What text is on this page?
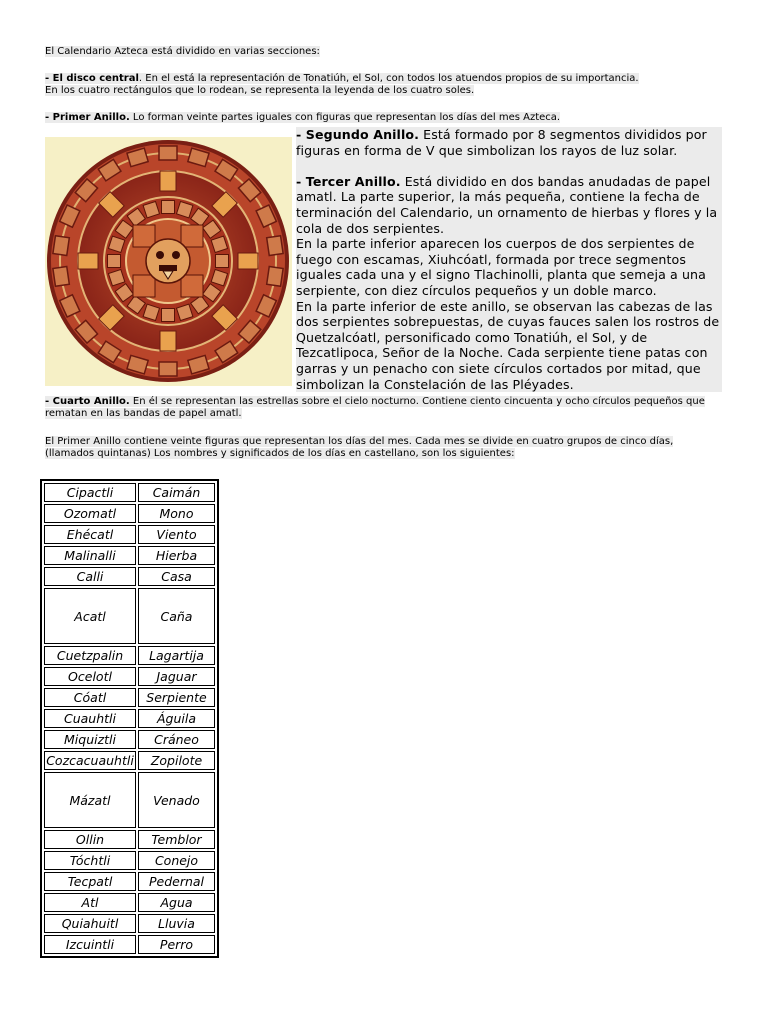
El Calendario Azteca está dividido en varias secciones:
- El disco central. En el está la representación de Tonatiúh, el Sol, con todos los atuendos propios de su importancia.
En los cuatro rectángulos que lo rodean, se representa la leyenda de los cuatro soles.
- Primer Anillo. Lo forman veinte partes iguales con figuras que representan los días del mes Azteca.

- Segundo Anillo. Está formado por 8 segmentos divididos por figuras en forma de V que simbolizan los rayos de luz solar.

- Tercer Anillo. Está dividido en dos bandas anudadas de papel amatl. La parte superior, la más pequeña, contiene la fecha de terminación del Calendario, un ornamento de hierbas y flores y la cola de dos serpientes.

En la parte inferior aparecen los cuerpos de dos serpientes de fuego con escamas, Xiuhcóatl, formada por trece segmentos iguales cada una y el signo Tlachinolli, planta que semeja a una serpiente, con diez círculos pequeños y un doble marco.

En la parte inferior de este anillo, se observan las cabezas de las dos serpientes sobrepuestas, de cuyas fauces salen los rostros de Quetzalcóatl, personificado como Tonatiúh, el Sol, y de Tezcatlipoca, Señor de la Noche. Cada serpiente tiene patas con garras y un penacho con siete círculos cortados por mitad, que simbolizan la Constelación de las Pléyades.

- Cuarto Anillo. En él se representan las estrellas sobre el cielo nocturno. Contiene ciento cincuenta y ocho círculos pequeños que rematan en las bandas de papel amatl.
El Primer Anillo contiene veinte figuras que representan los días del mes. Cada mes se divide en cuatro grupos de cinco días, (llamados quintanas) Los nombres y significados de los días en castellano, son los siguientes:
Cipactli	Caimán
Ozomatl	Mono
Ehécatl	Viento
Malinalli	Hierba
Calli	Casa
Acatl	Caña
Cuetzpalin	Lagartija
Ocelotl	Jaguar
Cóatl	Serpiente
Cuauhtli	Águila
Miquiztli	Cráneo
Cozcacuauhtli	Zopilote
Mázatl	Venado
Ollin	Temblor
Tóchtli	Conejo
Tecpatl	Pedernal
Atl	Agua
Quiahuitl	Lluvia
Izcuintli	Perro
